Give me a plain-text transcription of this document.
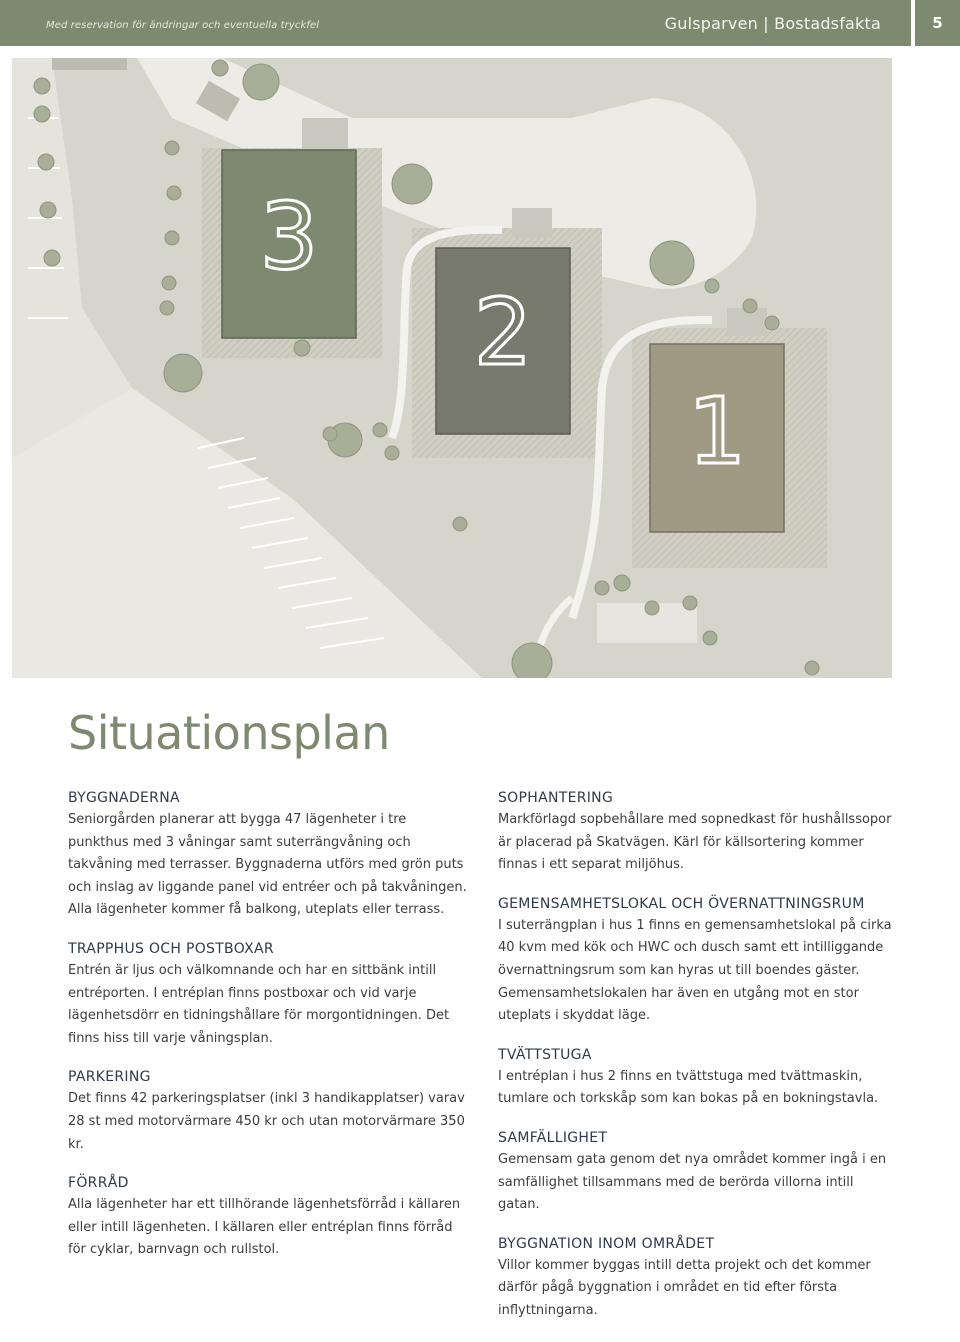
Med reservation för ändringar och eventuella tryckfel	Gulsparven | Bostadsfakta	5
3
2
1
Situationsplan
BYGGNADERNA

Seniorgården planerar att bygga 47 lägenheter i tre punkthus med 3 våningar samt suterrängvåning och takvåning med terrasser. Byggnaderna utförs med grön puts och inslag av liggande panel vid entréer och på takvåningen. Alla lägenheter kommer få balkong, uteplats eller terrass.

TRAPPHUS OCH POSTBOXAR

Entrén är ljus och välkomnande och har en sittbänk intill entréporten. I entréplan finns postboxar och vid varje lägenhetsdörr en tidningshållare för morgontidningen. Det finns hiss till varje våningsplan.

PARKERING

Det finns 42 parkeringsplatser (inkl 3 handikapplatser) varav 28 st med motorvärmare 450 kr och utan motorvärmare 350 kr.

FÖRRÅD

Alla lägenheter har ett tillhörande lägenhetsförråd i källaren eller intill lägenheten. I källaren eller entréplan finns förråd för cyklar, barnvagn och rullstol.

SOPHANTERING

Markförlagd sopbehållare med sopnedkast för hushållssopor är placerad på Skatvägen. Kärl för källsortering kommer finnas i ett separat miljöhus.

GEMENSAMHETSLOKAL OCH ÖVERNATTNINGSRUM

I suterrängplan i hus 1 finns en gemensamhetslokal på cirka 40 kvm med kök och HWC och dusch samt ett intilliggande övernattningsrum som kan hyras ut till boendes gäster. Gemensamhetslokalen har även en utgång mot en stor uteplats i skyddat läge.

TVÄTTSTUGA

I entréplan i hus 2 finns en tvättstuga med tvättmaskin, tumlare och torkskåp som kan bokas på en bokningstavla.

SAMFÄLLIGHET

Gemensam gata genom det nya området kommer ingå i en samfällighet tillsammans med de berörda villorna intill gatan.

BYGGNATION INOM OMRÅDET

Villor kommer byggas intill detta projekt och det kommer därför pågå byggnation i området en tid efter första inflyttningarna.
